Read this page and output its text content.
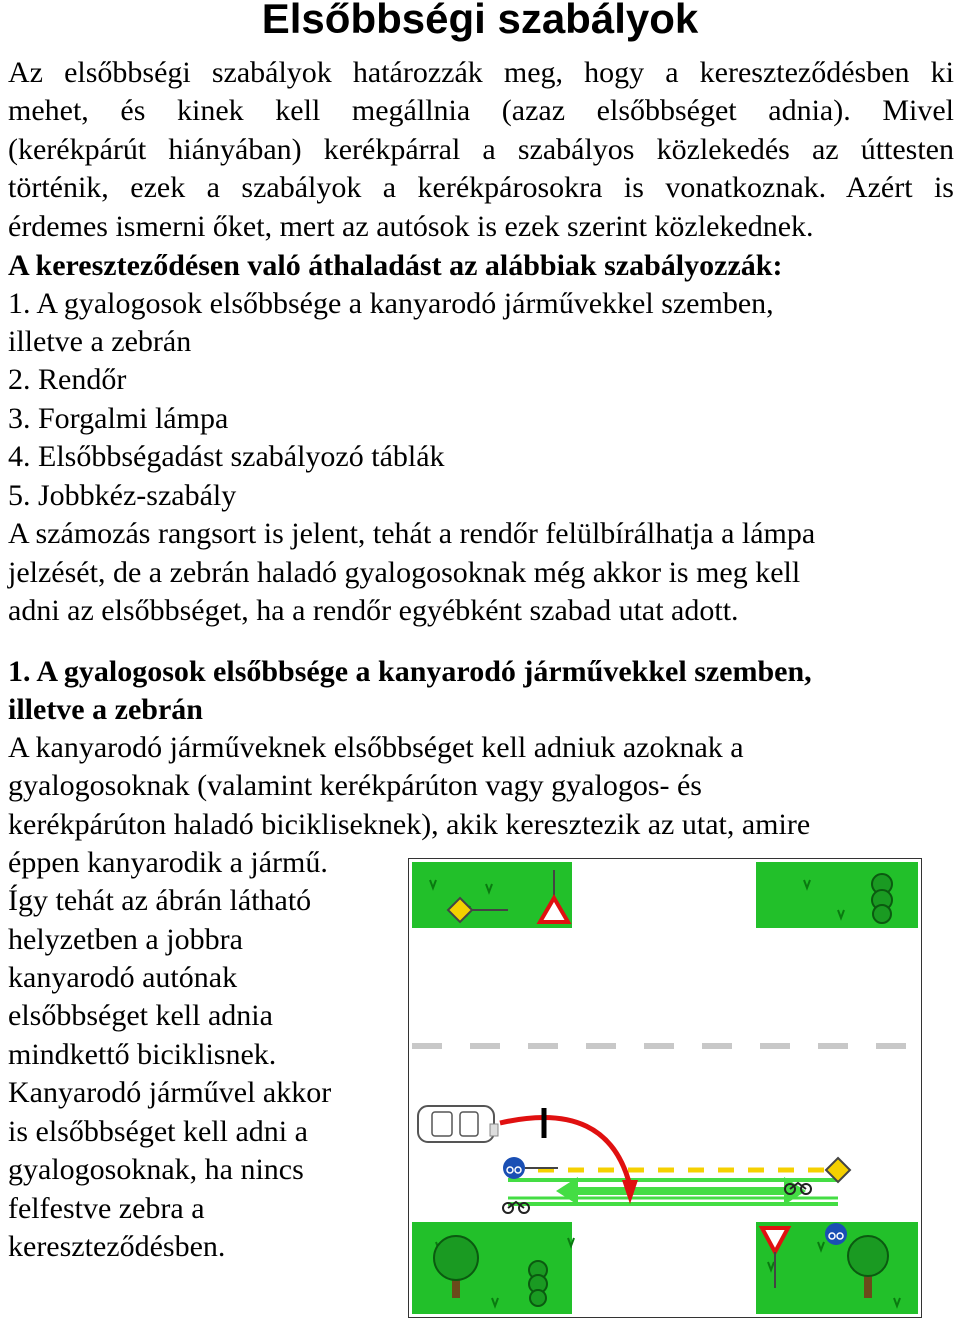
Elsőbbségi szabályok
Az elsőbbségi szabályok határozzák meg, hogy a kereszteződésben ki
mehet, és kinek kell megállnia (azaz elsőbbséget adnia). Mivel
(kerékpárút hiányában) kerékpárral a szabályos közlekedés az úttesten
történik, ezek a szabályok a kerékpárosokra is vonatkoznak. Azért is
érdemes ismerni őket, mert az autósok is ezek szerint közlekednek.
A kereszteződésen való áthaladást az alábbiak szabályozzák:
1. A gyalogosok elsőbbsége a kanyarodó járművekkel szemben,
illetve a zebrán
2. Rendőr
3. Forgalmi lámpa
4. Elsőbbségadást szabályozó táblák
5. Jobbkéz-szabály
A számozás rangsort is jelent, tehát a rendőr felülbírálhatja a lámpa
jelzését, de a zebrán haladó gyalogosoknak még akkor is meg kell
adni az elsőbbséget, ha a rendőr egyébként szabad utat adott.
1. A gyalogosok elsőbbsége a kanyarodó járművekkel szemben,
illetve a zebrán
A kanyarodó járműveknek elsőbbséget kell adniuk azoknak a
gyalogosoknak (valamint kerékpárúton vagy gyalogos- és
kerékpárúton haladó bicikliseknek), akik keresztezik az utat, amire
éppen kanyarodik a jármű.
Így tehát az ábrán látható
helyzetben a jobbra
kanyarodó autónak
elsőbbséget kell adnia
mindkettő biciklisnek.
Kanyarodó járművel akkor
is elsőbbséget kell adni a
gyalogosoknak, ha nincs
felfestve zebra a
kereszteződésben.
